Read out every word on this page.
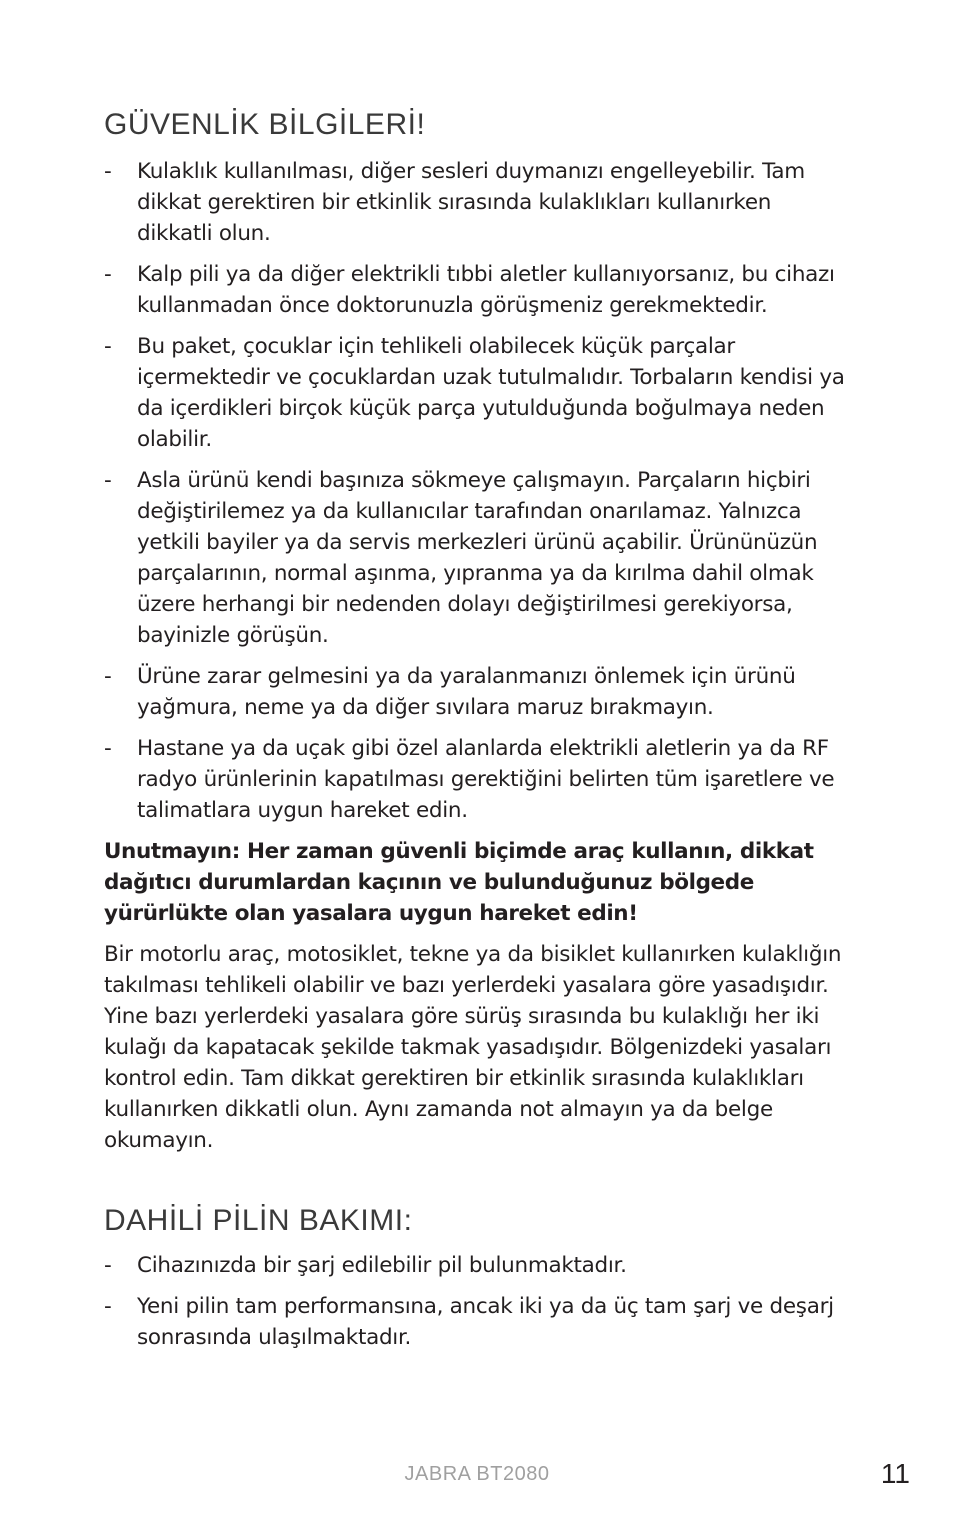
GÜVENLİK BİLGİLERİ!
-	Kulaklık kullanılması, diğer sesleri duymanızı engelleyebilir. Tam dikkat gerektiren bir etkinlik sırasında kulaklıkları kullanırken dikkatli olun.
-	Kalp pili ya da diğer elektrikli tıbbi aletler kullanıyorsanız, bu cihazı kullanmadan önce doktorunuzla görüşmeniz gerekmektedir.
-	Bu paket, çocuklar için tehlikeli olabilecek küçük parçalar içermektedir ve çocuklardan uzak tutulmalıdır. Torbaların kendisi ya da içerdikleri birçok küçük parça yutulduğunda boğulmaya neden olabilir.
-	Asla ürünü kendi başınıza sökmeye çalışmayın. Parçaların hiçbiri değiştirilemez ya da kullanıcılar tarafından onarılamaz. Yalnızca yetkili bayiler ya da servis merkezleri ürünü açabilir. Ürününüzün parçalarının, normal aşınma, yıpranma ya da kırılma dahil olmak üzere herhangi bir nedenden dolayı değiştirilmesi gerekiyorsa, bayinizle görüşün.
-	Ürüne zarar gelmesini ya da yaralanmanızı önlemek için ürünü yağmura, neme ya da diğer sıvılara maruz bırakmayın.
-	Hastane ya da uçak gibi özel alanlarda elektrikli aletlerin ya da RF radyo ürünlerinin kapatılması gerektiğini belirten tüm işaretlere ve talimatlara uygun hareket edin.

Unutmayın: Her zaman güvenli biçimde araç kullanın, dikkat dağıtıcı durumlardan kaçının ve bulunduğunuz bölgede yürürlükte olan yasalara uygun hareket edin!

Bir motorlu araç, motosiklet, tekne ya da bisiklet kullanırken kulaklığın takılması tehlikeli olabilir ve bazı yerlerdeki yasalara göre yasadışıdır. Yine bazı yerlerdeki yasalara göre sürüş sırasında bu kulaklığı her iki kulağı da kapatacak şekilde takmak yasadışıdır. Bölgenizdeki yasaları kontrol edin. Tam dikkat gerektiren bir etkinlik sırasında kulaklıkları kullanırken dikkatli olun. Aynı zamanda not almayın ya da belge okumayın.

DAHİLİ PİLİN BAKIMI:
-	Cihazınızda bir şarj edilebilir pil bulunmaktadır.
-	Yeni pilin tam performansına, ancak iki ya da üç tam şarj ve deşarj sonrasında ulaşılmaktadır.
JABRA BT2080	11
